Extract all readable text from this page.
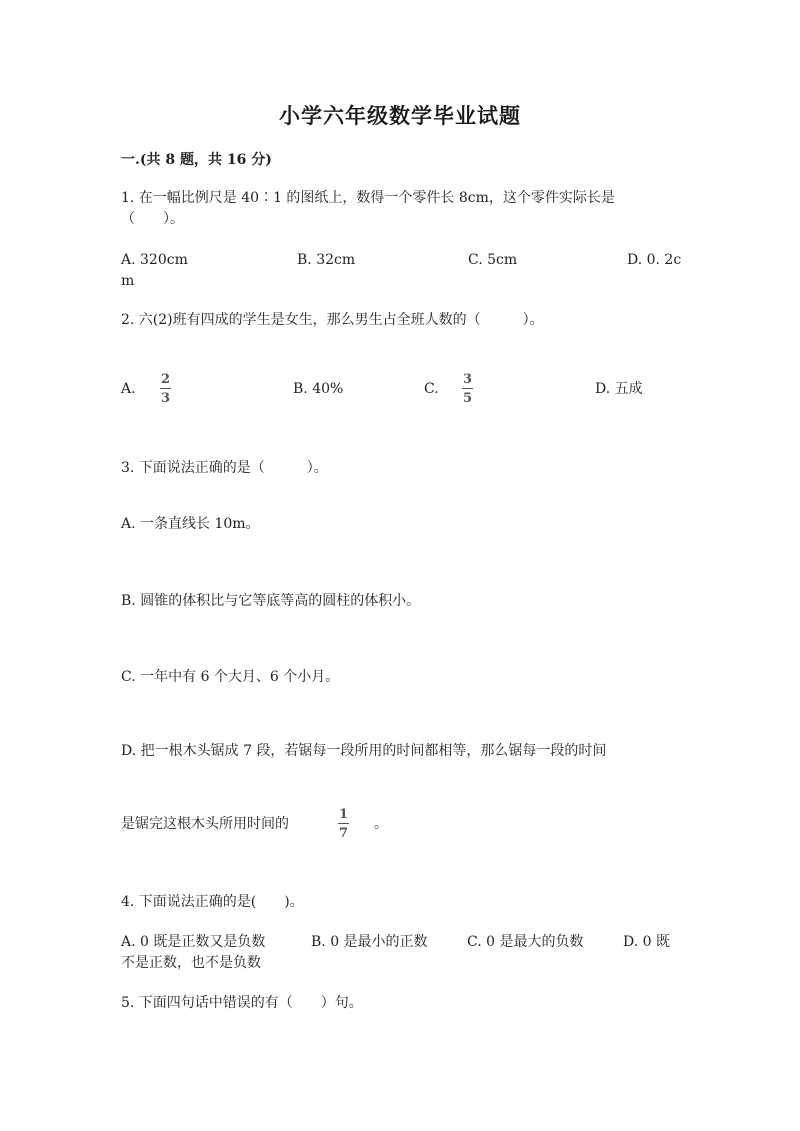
小学六年级数学毕业试题
一.(共 8 题，共 16 分)
1. 在一幅比例尺是 40∶1 的图纸上，数得一个零件长 8cm，这个零件实际长是
（　　）。
A. 320cm	B. 32cm	C. 5cm	D. 0. 2c
m
2. 六(2)班有四成的学生是女生，那么男生占全班人数的（　　　）。
A.
2
3
B. 40%	C.
3
5
D. 五成
3. 下面说法正确的是（　　　）。
A. 一条直线长 10m。
B. 圆锥的体积比与它等底等高的圆柱的体积小。
C. 一年中有 6 个大月、6 个小月。
D. 把一根木头锯成 7 段，若锯每一段所用的时间都相等，那么锯每一段的时间
是锯完这根木头所用时间的
1
7
。
4. 下面说法正确的是(　　)。
A. 0 既是正数又是负数	B. 0 是最小的正数	C. 0 是最大的负数	D. 0 既
不是正数，也不是负数
5. 下面四句话中错误的有（　　）句。
